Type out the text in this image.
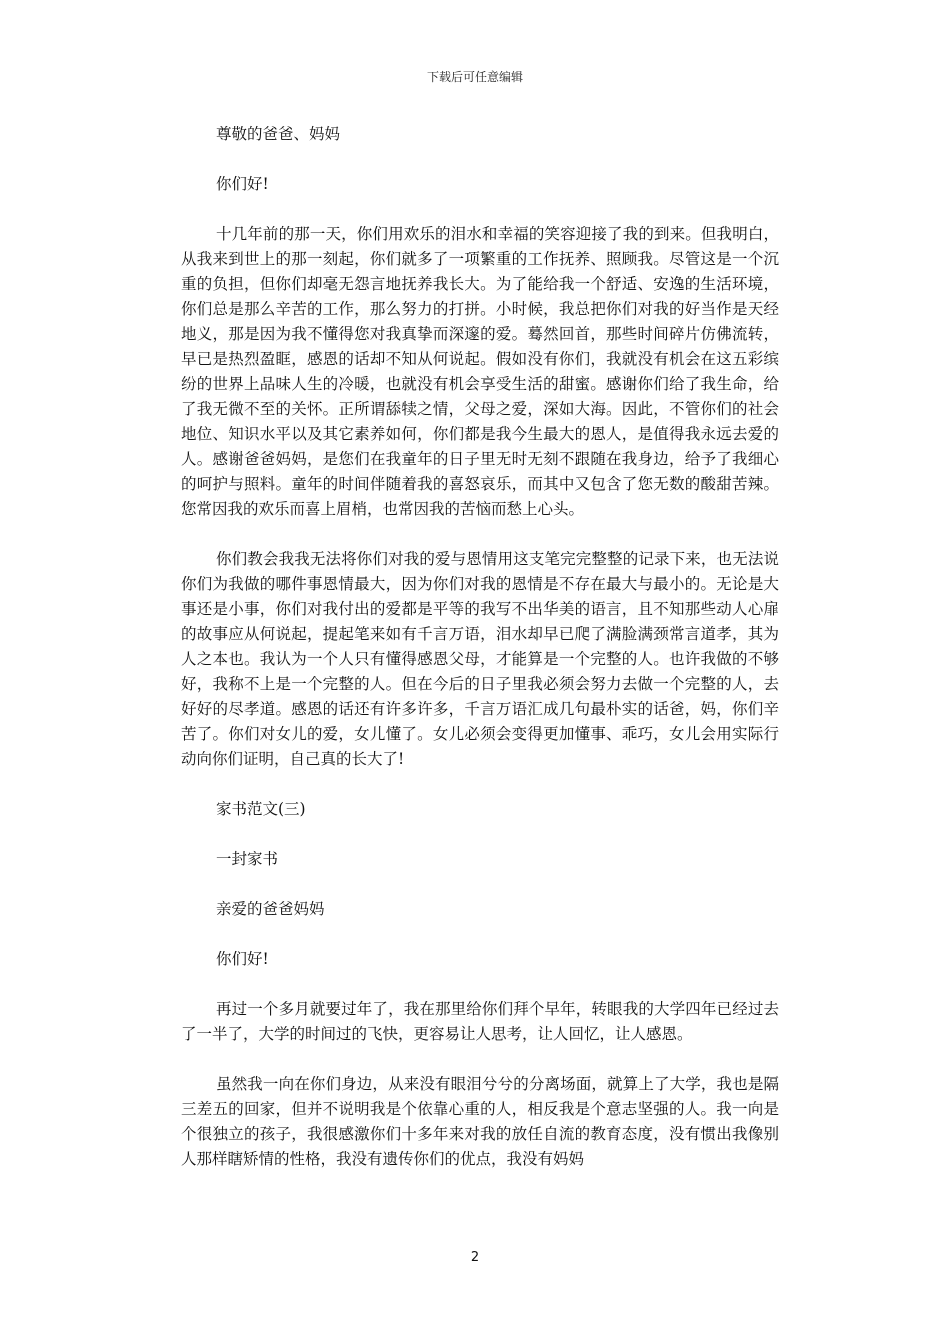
下载后可任意编辑

尊敬的爸爸、妈妈

你们好!

十几年前的那一天，你们用欢乐的泪水和幸福的笑容迎接了我的到来。但我明白，从我来到世上的那一刻起，你们就多了一项繁重的工作抚养、照顾我。尽管这是一个沉重的负担，但你们却毫无怨言地抚养我长大。为了能给我一个舒适、安逸的生活环境，你们总是那么辛苦的工作，那么努力的打拼。小时候，我总把你们对我的好当作是天经地义，那是因为我不懂得您对我真挚而深邃的爱。蓦然回首，那些时间碎片仿佛流转，早已是热烈盈眶，感恩的话却不知从何说起。假如没有你们，我就没有机会在这五彩缤纷的世界上品味人生的冷暖，也就没有机会享受生活的甜蜜。感谢你们给了我生命，给了我无微不至的关怀。正所谓舔犊之情，父母之爱，深如大海。因此，不管你们的社会地位、知识水平以及其它素养如何，你们都是我今生最大的恩人，是值得我永远去爱的人。感谢爸爸妈妈，是您们在我童年的日子里无时无刻不跟随在我身边，给予了我细心的呵护与照料。童年的时间伴随着我的喜怒哀乐，而其中又包含了您无数的酸甜苦辣。您常因我的欢乐而喜上眉梢，也常因我的苦恼而愁上心头。

你们教会我我无法将你们对我的爱与恩情用这支笔完完整整的记录下来，也无法说你们为我做的哪件事恩情最大，因为你们对我的恩情是不存在最大与最小的。无论是大事还是小事，你们对我付出的爱都是平等的我写不出华美的语言，且不知那些动人心扉的故事应从何说起，提起笔来如有千言万语，泪水却早已爬了满脸满颈常言道孝，其为人之本也。我认为一个人只有懂得感恩父母，才能算是一个完整的人。也许我做的不够好，我称不上是一个完整的人。但在今后的日子里我必须会努力去做一个完整的人，去好好的尽孝道。感恩的话还有许多许多，千言万语汇成几句最朴实的话爸，妈，你们辛苦了。你们对女儿的爱，女儿懂了。女儿必须会变得更加懂事、乖巧，女儿会用实际行动向你们证明，自己真的长大了!

家书范文(三)

一封家书

亲爱的爸爸妈妈

你们好!

再过一个多月就要过年了，我在那里给你们拜个早年，转眼我的大学四年已经过去了一半了，大学的时间过的飞快，更容易让人思考，让人回忆，让人感恩。

虽然我一向在你们身边，从来没有眼泪兮兮的分离场面，就算上了大学，我也是隔三差五的回家，但并不说明我是个依靠心重的人，相反我是个意志坚强的人。我一向是个很独立的孩子，我很感激你们十多年来对我的放任自流的教育态度，没有惯出我像别人那样瞎矫情的性格，我没有遗传你们的优点，我没有妈妈

2
